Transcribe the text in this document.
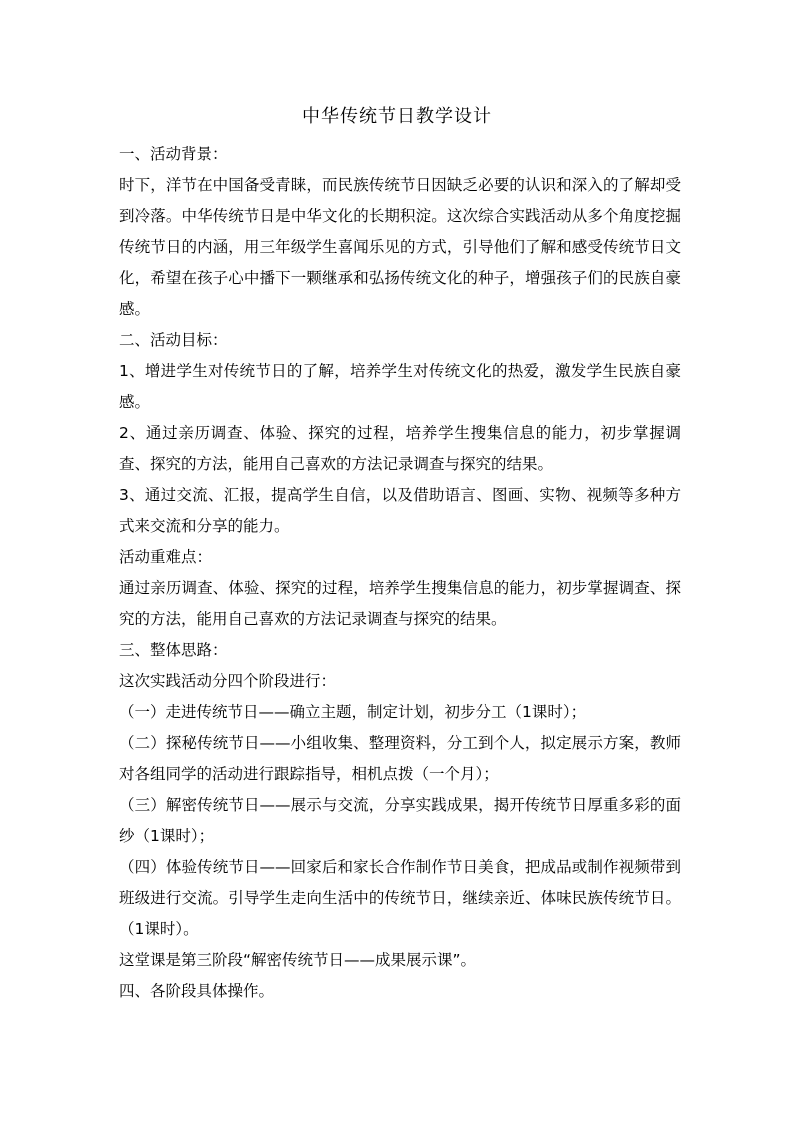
中华传统节日教学设计

一、活动背景：

时下，洋节在中国备受青睐，而民族传统节日因缺乏必要的认识和深入的了解却受到冷落。中华传统节日是中华文化的长期积淀。这次综合实践活动从多个角度挖掘传统节日的内涵，用三年级学生喜闻乐见的方式，引导他们了解和感受传统节日文化，希望在孩子心中播下一颗继承和弘扬传统文化的种子，增强孩子们的民族自豪感。

二、活动目标：

1、增进学生对传统节日的了解，培养学生对传统文化的热爱，激发学生民族自豪感。

2、通过亲历调查、体验、探究的过程，培养学生搜集信息的能力，初步掌握调查、探究的方法，能用自己喜欢的方法记录调查与探究的结果。

3、通过交流、汇报，提高学生自信，以及借助语言、图画、实物、视频等多种方式来交流和分享的能力。

活动重难点：

通过亲历调查、体验、探究的过程，培养学生搜集信息的能力，初步掌握调查、探究的方法，能用自己喜欢的方法记录调查与探究的结果。

三、整体思路：

这次实践活动分四个阶段进行：

（一）走进传统节日——确立主题，制定计划，初步分工（1课时）；

（二）探秘传统节日——小组收集、整理资料，分工到个人，拟定展示方案，教师对各组同学的活动进行跟踪指导，相机点拨（一个月）；

（三）解密传统节日——展示与交流，分享实践成果，揭开传统节日厚重多彩的面纱（1课时）；

（四）体验传统节日——回家后和家长合作制作节日美食，把成品或制作视频带到班级进行交流。引导学生走向生活中的传统节日，继续亲近、体味民族传统节日。（1课时）。

这堂课是第三阶段“解密传统节日——成果展示课”。

四、各阶段具体操作。
